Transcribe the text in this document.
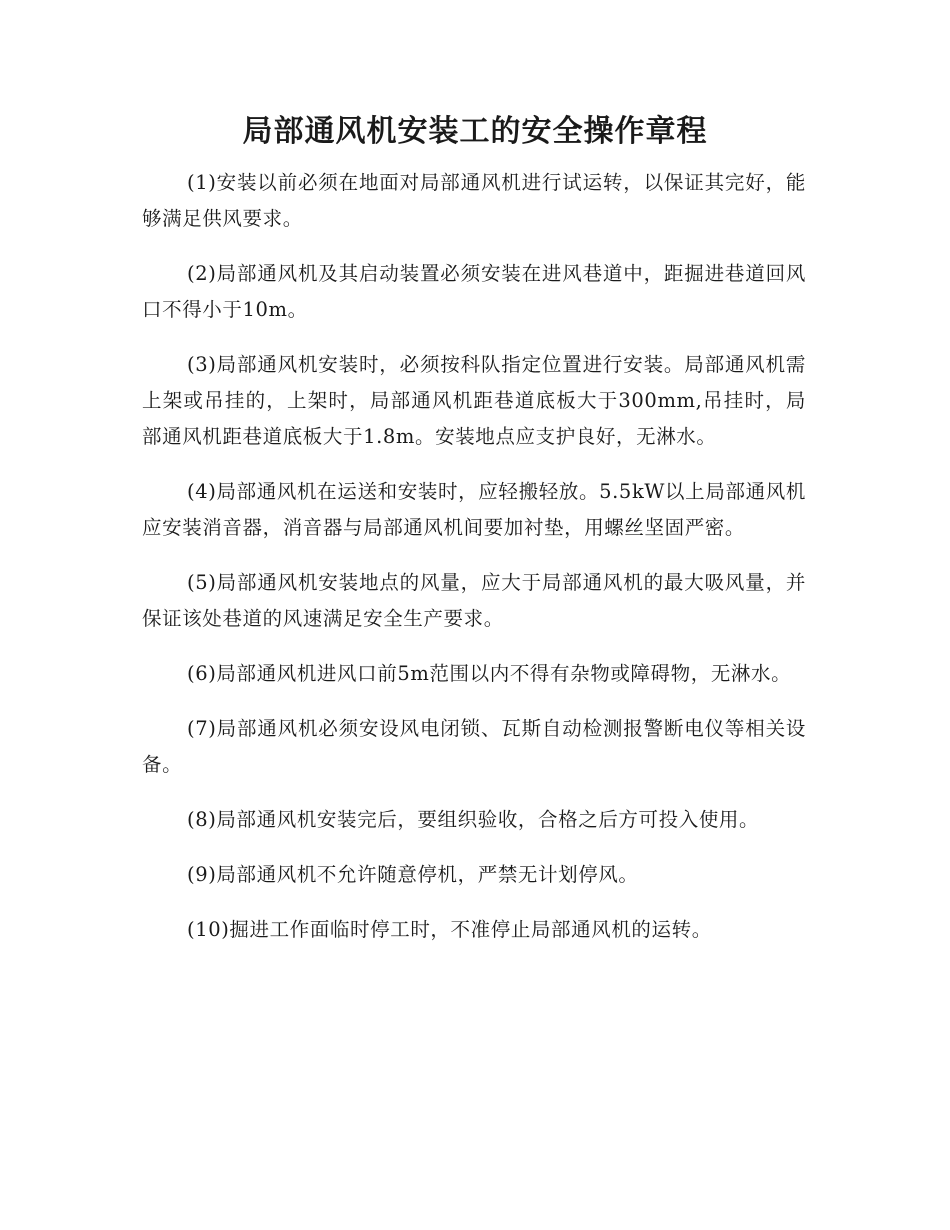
局部通风机安装工的安全操作章程

(1)安装以前必须在地面对局部通风机进行试运转，以保证其完好，能够满足供风要求。

(2)局部通风机及其启动装置必须安装在进风巷道中，距掘进巷道回风口不得小于10m。

(3)局部通风机安装时，必须按科队指定位置进行安装。局部通风机需上架或吊挂的，上架时，局部通风机距巷道底板大于300mm,吊挂时，局部通风机距巷道底板大于1.8m。安装地点应支护良好，无淋水。

(4)局部通风机在运送和安装时，应轻搬轻放。5.5kW以上局部通风机应安装消音器，消音器与局部通风机间要加衬垫，用螺丝坚固严密。

(5)局部通风机安装地点的风量，应大于局部通风机的最大吸风量，并保证该处巷道的风速满足安全生产要求。

(6)局部通风机进风口前5m范围以内不得有杂物或障碍物，无淋水。

(7)局部通风机必须安设风电闭锁、瓦斯自动检测报警断电仪等相关设备。

(8)局部通风机安装完后，要组织验收，合格之后方可投入使用。

(9)局部通风机不允许随意停机，严禁无计划停风。

(10)掘进工作面临时停工时，不准停止局部通风机的运转。
